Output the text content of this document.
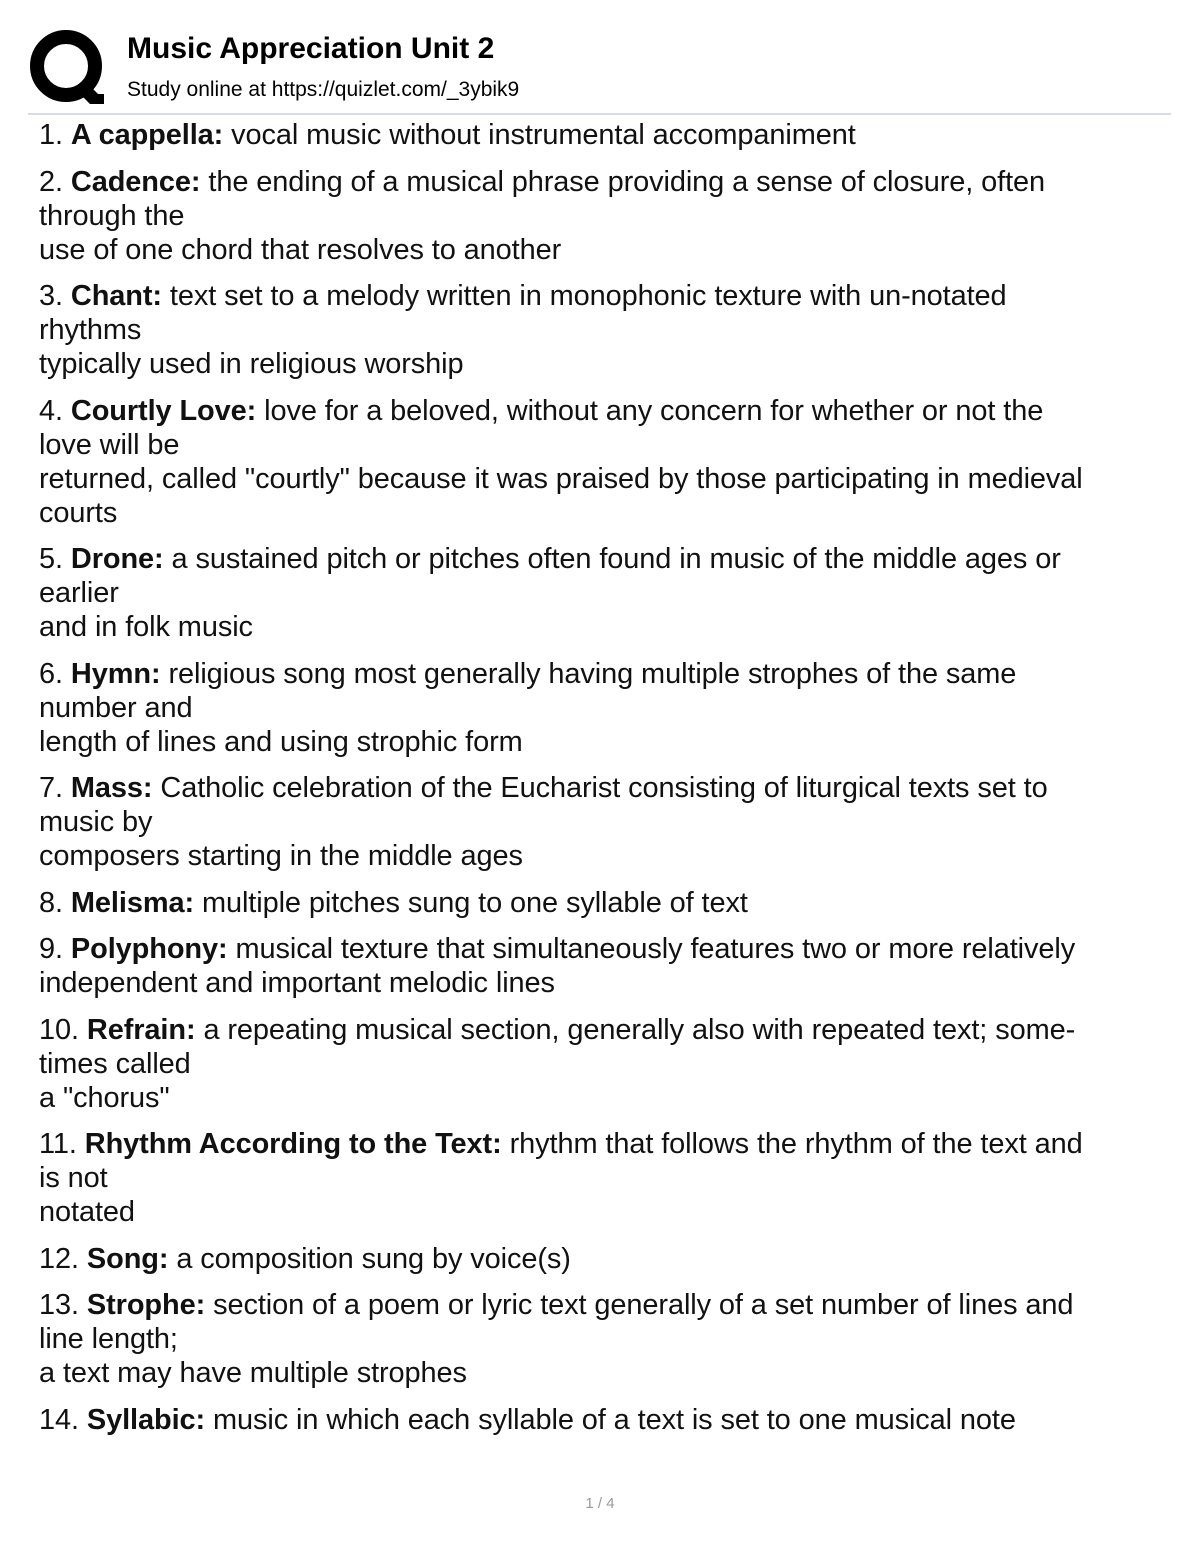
Music Appreciation Unit 2
Study online at https://quizlet.com/_3ybik9
1. A cappella: vocal music without instrumental accompaniment
2. Cadence: the ending of a musical phrase providing a sense of closure, often
through the
use of one chord that resolves to another
3. Chant: text set to a melody written in monophonic texture with un-notated
rhythms
typically used in religious worship
4. Courtly Love: love for a beloved, without any concern for whether or not the
love will be
returned, called "courtly" because it was praised by those participating in medieval
courts
5. Drone: a sustained pitch or pitches often found in music of the middle ages or
earlier
and in folk music
6. Hymn: religious song most generally having multiple strophes of the same
number and
length of lines and using strophic form
7. Mass: Catholic celebration of the Eucharist consisting of liturgical texts set to
music by
composers starting in the middle ages
8. Melisma: multiple pitches sung to one syllable of text
9. Polyphony: musical texture that simultaneously features two or more relatively
independent and important melodic lines
10. Refrain: a repeating musical section, generally also with repeated text; some-
times called
a "chorus"
11. Rhythm According to the Text: rhythm that follows the rhythm of the text and
is not
notated
12. Song: a composition sung by voice(s)
13. Strophe: section of a poem or lyric text generally of a set number of lines and
line length;
a text may have multiple strophes
14. Syllabic: music in which each syllable of a text is set to one musical note
1 / 4
